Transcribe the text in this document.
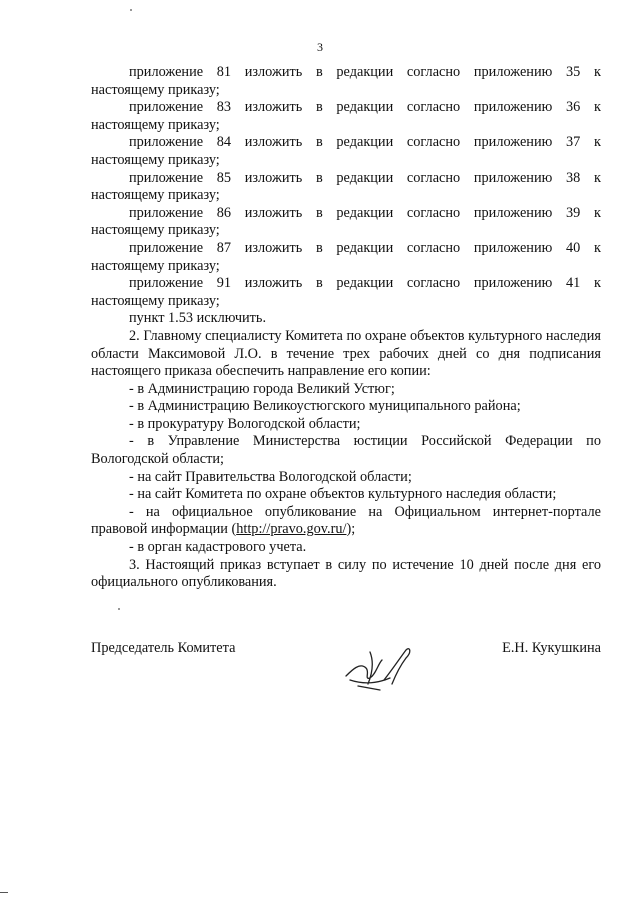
3
приложение 81 изложить в редакции согласно приложению 35 к
настоящему приказу;
приложение 83 изложить в редакции согласно приложению 36 к
настоящему приказу;
приложение 84 изложить в редакции согласно приложению 37 к
настоящему приказу;
приложение 85 изложить в редакции согласно приложению 38 к
настоящему приказу;
приложение 86 изложить в редакции согласно приложению 39 к
настоящему приказу;
приложение 87 изложить в редакции согласно приложению 40 к
настоящему приказу;
приложение 91 изложить в редакции согласно приложению 41 к
настоящему приказу;
пункт 1.53 исключить.
2. Главному специалисту Комитета по охране объектов культурного наследия области Максимовой Л.О. в течение трех рабочих дней со дня подписания настоящего приказа обеспечить направление его копии:
- в Администрацию города Великий Устюг;
- в Администрацию Великоустюгского муниципального района;
- в прокуратуру Вологодской области;
- в Управление Министерства юстиции Российской Федерации по Вологодской области;
- на сайт Правительства Вологодской области;
- на сайт Комитета по охране объектов культурного наследия области;
- на официальное опубликование на Официальном интернет-портале правовой информации (http://pravo.gov.ru/);
- в орган кадастрового учета.
3. Настоящий приказ вступает в силу по истечение 10 дней после дня его официального опубликования.
Председатель Комитета	Е.Н. Кукушкина
